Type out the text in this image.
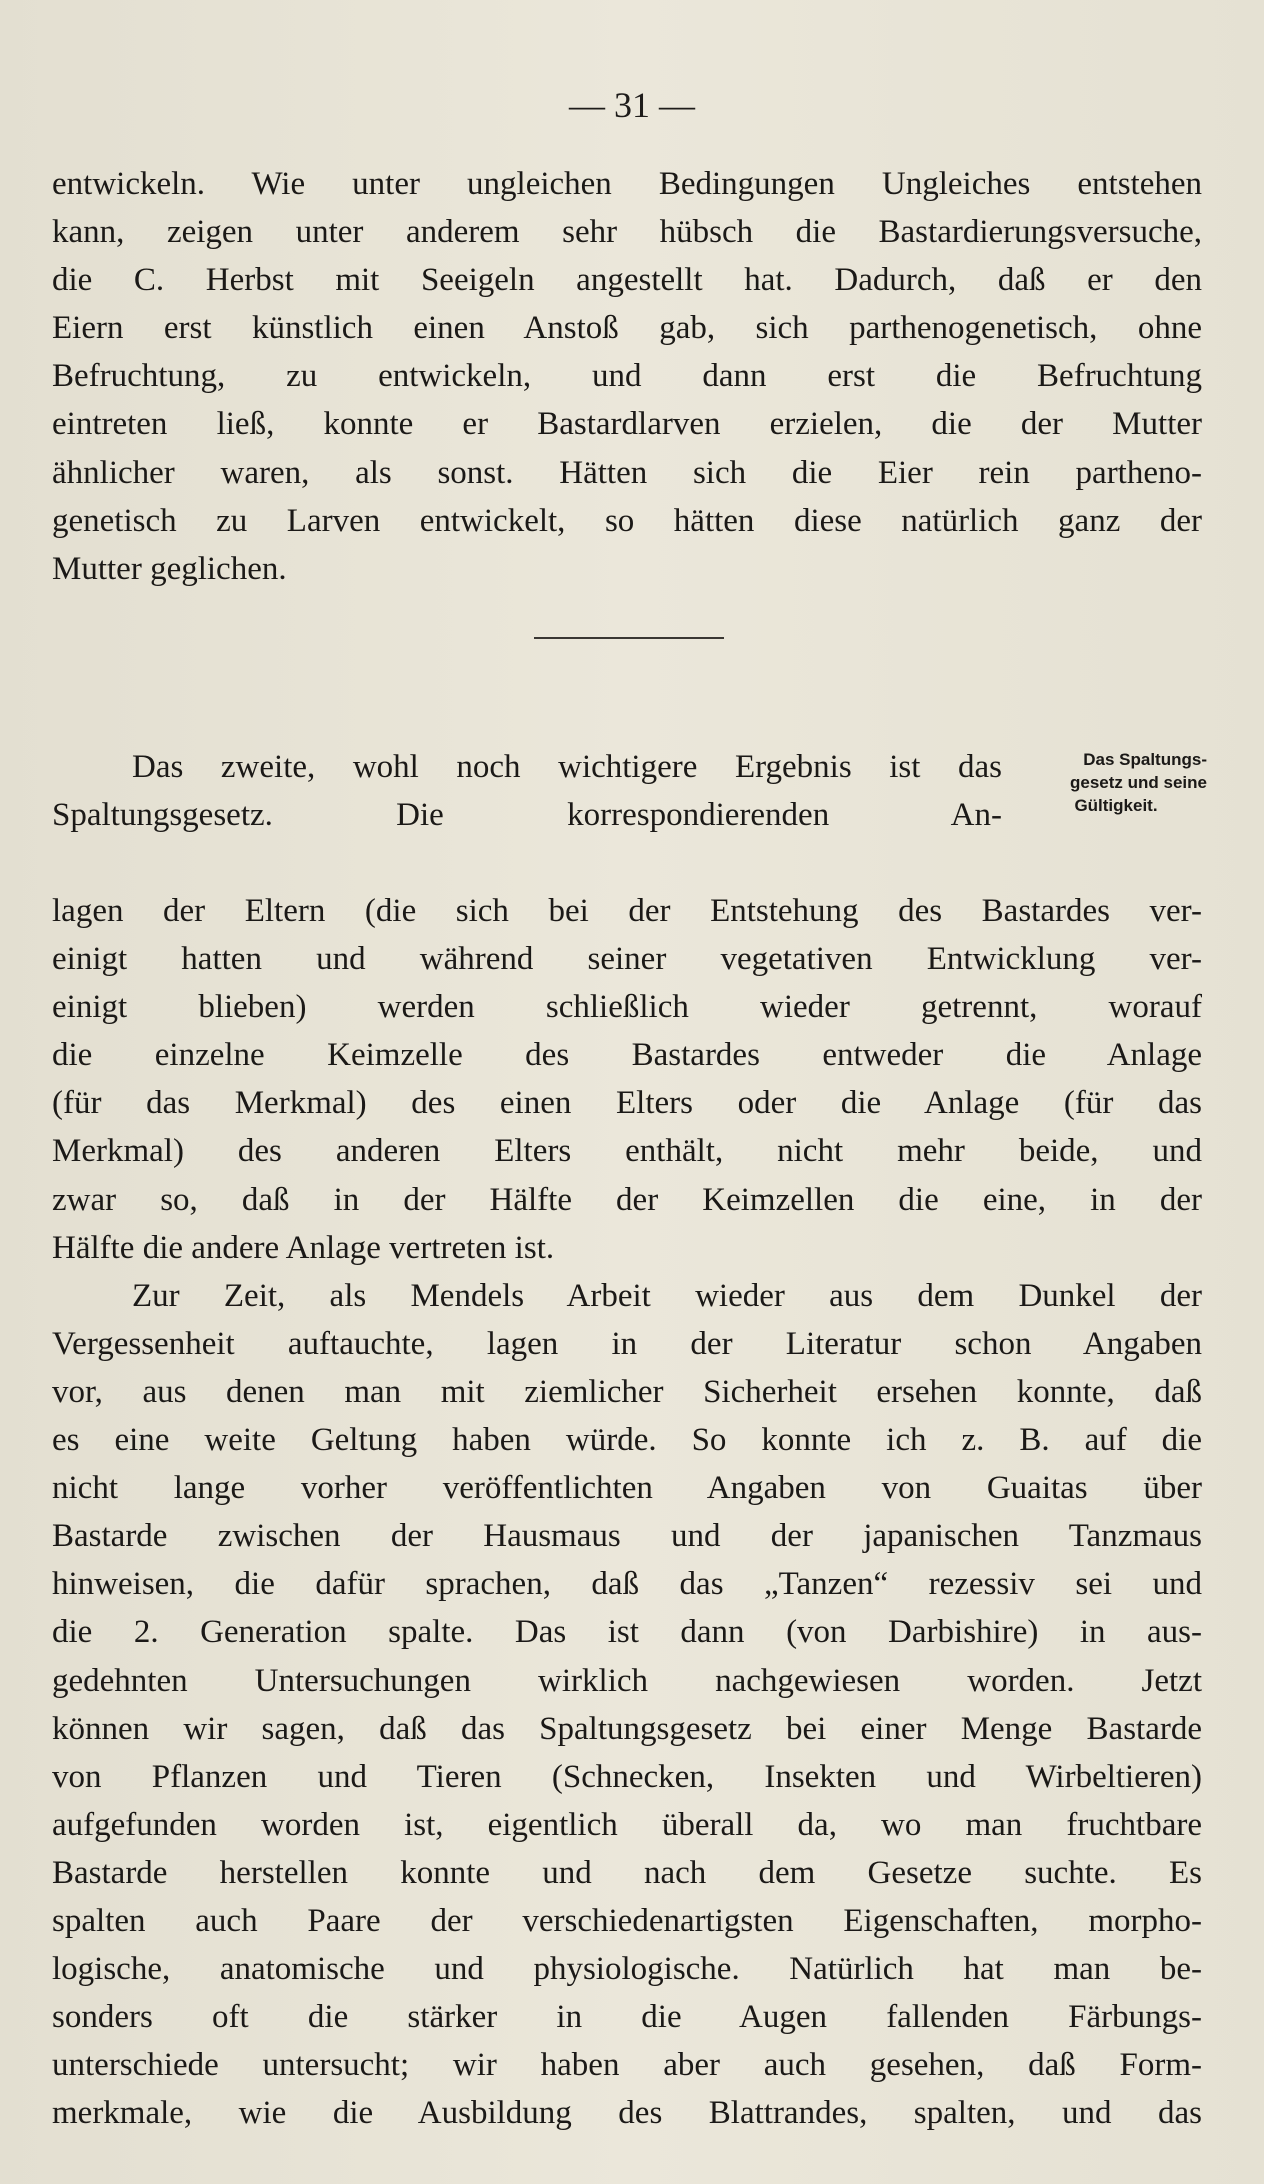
— 31 —
entwickeln. Wie unter ungleichen Bedingungen Ungleiches entstehen
kann, zeigen unter anderem sehr hübsch die Bastardierungsversuche,
die C. Herbst mit Seeigeln angestellt hat. Dadurch, daß er den
Eiern erst künstlich einen Anstoß gab, sich parthenogenetisch, ohne
Befruchtung, zu entwickeln, und dann erst die Befruchtung
eintreten ließ, konnte er Bastardlarven erzielen, die der Mutter
ähnlicher waren, als sonst. Hätten sich die Eier rein partheno-
genetisch zu Larven entwickelt, so hätten diese natürlich ganz der
Mutter geglichen.
Das Spaltungs-
gesetz und seine
Gültigkeit.
Das zweite, wohl noch wichtigere Ergebnis ist das
Spaltungsgesetz. Die korrespondierenden An-
lagen der Eltern (die sich bei der Entstehung des Bastardes ver-
einigt hatten und während seiner vegetativen Entwicklung ver-
einigt blieben) werden schließlich wieder getrennt, worauf
die einzelne Keimzelle des Bastardes entweder die Anlage
(für das Merkmal) des einen Elters oder die Anlage (für das
Merkmal) des anderen Elters enthält, nicht mehr beide, und
zwar so, daß in der Hälfte der Keimzellen die eine, in der
Hälfte die andere Anlage vertreten ist.
Zur Zeit, als Mendels Arbeit wieder aus dem Dunkel der
Vergessenheit auftauchte, lagen in der Literatur schon Angaben
vor, aus denen man mit ziemlicher Sicherheit ersehen konnte, daß
es eine weite Geltung haben würde. So konnte ich z. B. auf die
nicht lange vorher veröffentlichten Angaben von Guaitas über
Bastarde zwischen der Hausmaus und der japanischen Tanzmaus
hinweisen, die dafür sprachen, daß das „Tanzen“ rezessiv sei und
die 2. Generation spalte. Das ist dann (von Darbishire) in aus-
gedehnten Untersuchungen wirklich nachgewiesen worden. Jetzt
können wir sagen, daß das Spaltungsgesetz bei einer Menge Bastarde
von Pflanzen und Tieren (Schnecken, Insekten und Wirbeltieren)
aufgefunden worden ist, eigentlich überall da, wo man fruchtbare
Bastarde herstellen konnte und nach dem Gesetze suchte. Es
spalten auch Paare der verschiedenartigsten Eigenschaften, morpho-
logische, anatomische und physiologische. Natürlich hat man be-
sonders oft die stärker in die Augen fallenden Färbungs-
unterschiede untersucht; wir haben aber auch gesehen, daß Form-
merkmale, wie die Ausbildung des Blattrandes, spalten, und das
